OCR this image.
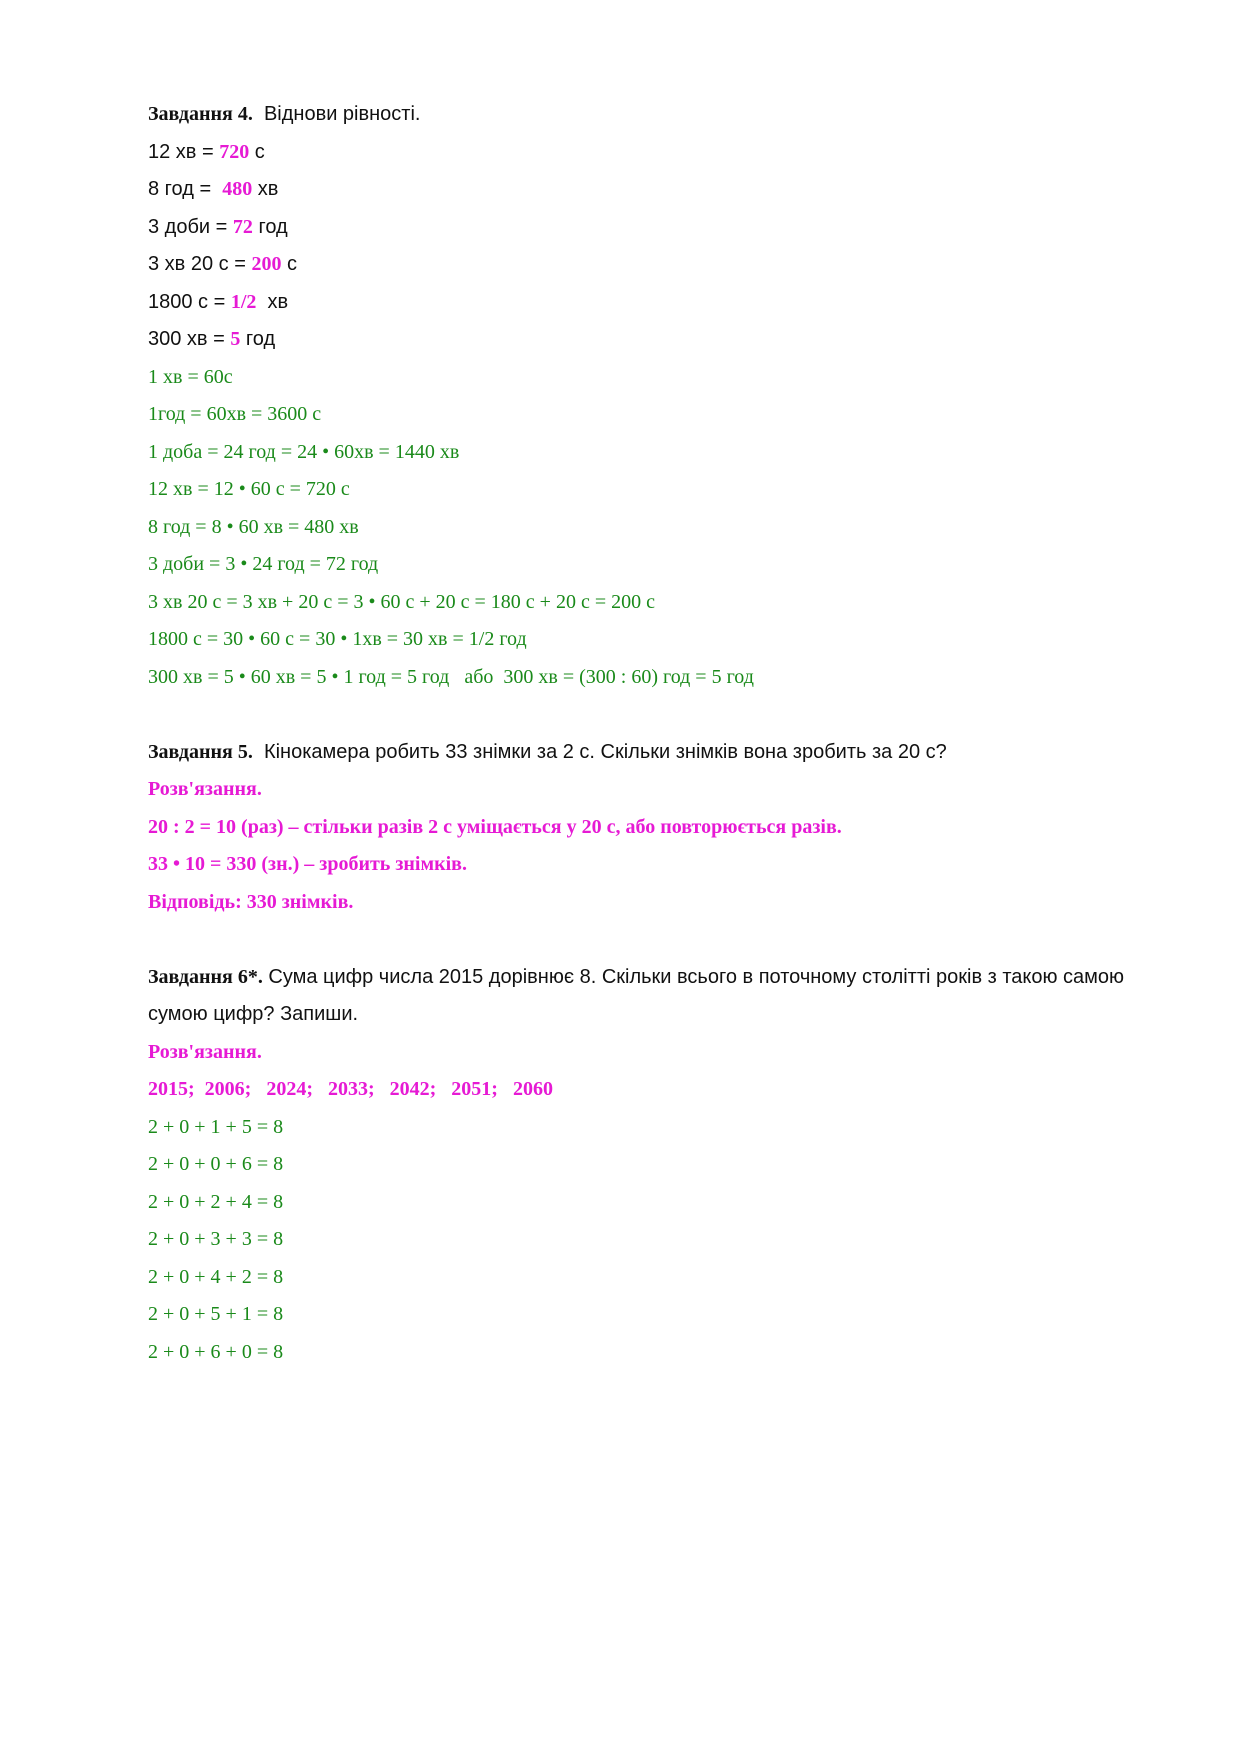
Завдання 4.  Віднови рівності.
12 хв = 720 с
8 год =  480 хв
3 доби = 72 год
3 хв 20 с = 200 с
1800 с = 1/2  хв
300 хв = 5 год
1 хв = 60с
1год = 60хв = 3600 с
1 доба = 24 год = 24 • 60хв = 1440 хв
12 хв = 12 • 60 с = 720 с
8 год = 8 • 60 хв = 480 хв
3 доби = 3 • 24 год = 72 год
3 хв 20 с = 3 хв + 20 с = 3 • 60 с + 20 с = 180 с + 20 с = 200 с
1800 с = 30 • 60 с = 30 • 1хв = 30 хв = 1/2 год
300 хв = 5 • 60 хв = 5 • 1 год = 5 год   або  300 хв = (300 : 60) год = 5 год
Завдання 5.  Кінокамера робить 33 знімки за 2 с. Скільки знімків вона зробить за 20 с?
Розв'язання.
20 : 2 = 10 (раз) – стільки разів 2 с уміщається у 20 с, або повторюється разів.
33 • 10 = 330 (зн.) – зробить знімків.
Відповідь: 330 знімків.
Завдання 6*. Сума цифр числа 2015 дорівнює 8. Скільки всього в поточному столітті років з такою самою сумою цифр? Запиши.
Розв'язання.
2015;  2006;   2024;   2033;   2042;   2051;   2060
2 + 0 + 1 + 5 = 8
2 + 0 + 0 + 6 = 8
2 + 0 + 2 + 4 = 8
2 + 0 + 3 + 3 = 8
2 + 0 + 4 + 2 = 8
2 + 0 + 5 + 1 = 8
2 + 0 + 6 + 0 = 8
